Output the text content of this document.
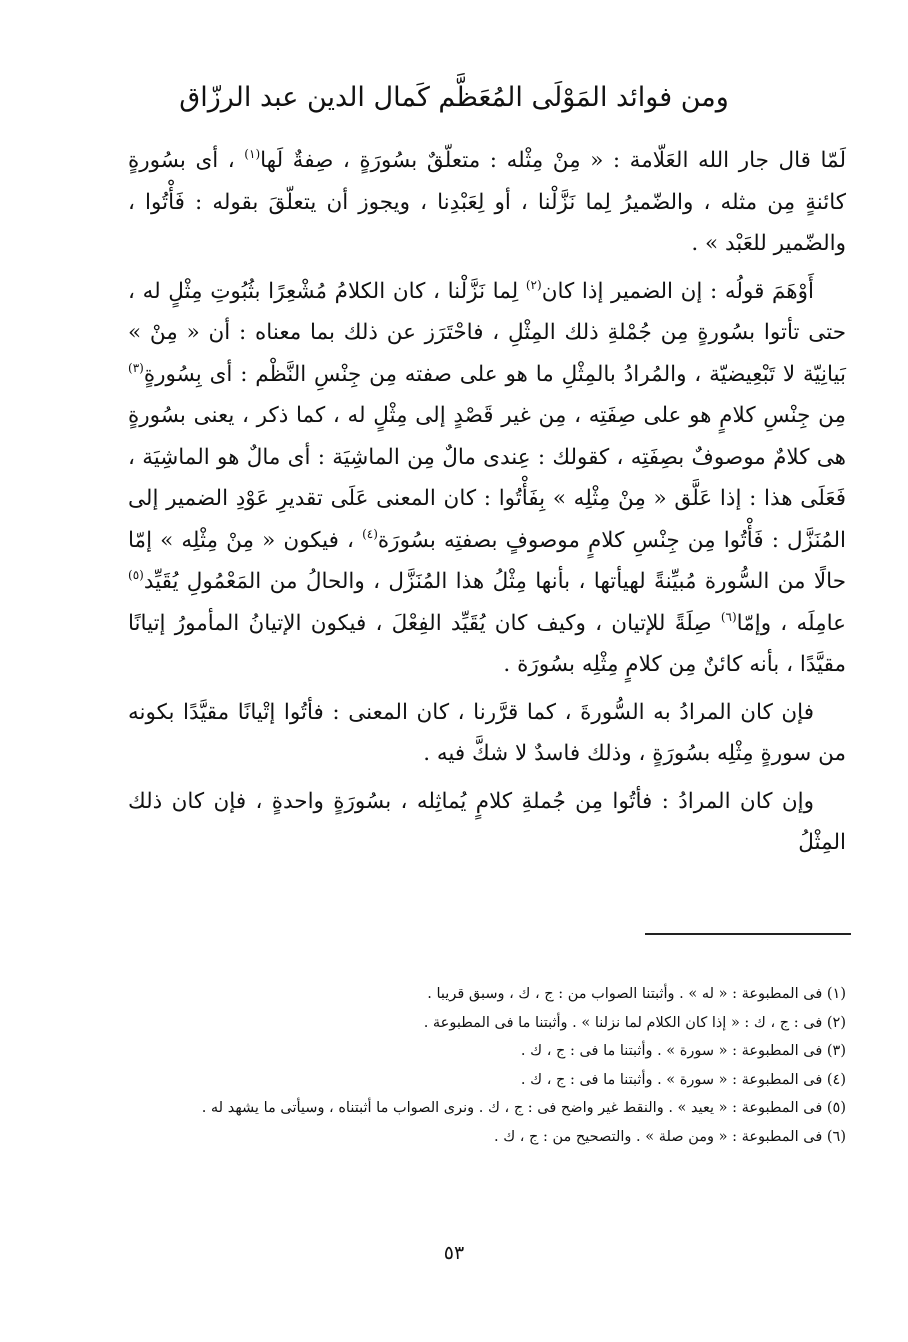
ومن فوائد المَوْلَى المُعَظَّم كَمال الدين عبد الرزّاق

لَمّا قال جار الله العَلّامة : « مِنْ مِثْله : متعلّقٌ بسُورَةٍ ، صِفةٌ لَها$^{(١)}$ ، أى بسُورةٍ كائنةٍ مِن مثله ، والضّميرُ لِما نَزَّلْنا ، أو لِعَبْدِنا ، ويجوز أن يتعلّقَ بقوله : فَأْتُوا ، والضّمير للعَبْد » .

أَوْهَمَ قولُه : إن الضمير إذا كان$^{(٢)}$ لِما نَزَّلْنا ، كان الكلامُ مُشْعِرًا بثُبُوتِ مِثْلٍ له ، حتى تأتوا بسُورةٍ مِن جُمْلةِ ذلك المِثْلِ ، فاحْتَرَز عن ذلك بما معناه : أن « مِنْ » بَيانِيّة لا تَبْعِيضيّة ، والمُرادُ بالمِثْلِ ما هو على صفته مِن جِنْسِ النَّظْم : أى بِسُورةٍ$^{(٣)}$ مِن جِنْسِ كلامٍ هو على صِفَتِه ، مِن غير قَصْدٍ إلى مِثْلٍ له ، كما ذكر ، يعنى بسُورةٍ هى كلامٌ موصوفٌ بصِفَتِه ، كقولك : عِندى مالٌ مِن الماشِيَة : أى مالٌ هو الماشِيَة ، فَعَلَى هذا : إذا عَلَّق « مِنْ مِثْلِه » بِفَأْتُوا : كان المعنى عَلَى تقديرِ عَوْدِ الضمير إلى المُنَزَّل : فَأْتُوا مِن جِنْسِ كلامٍ موصوفٍ بصفتِه بسُورَة$^{(٤)}$ ، فيكون « مِنْ مِثْلِه » إمّا حالًا من السُّورة مُبيِّنةً لهيأتها ، بأنها مِثْلُ هذا المُنَزَّل ، والحالُ من المَعْمُولِ يُقَيِّد$^{(٥)}$ عامِلَه ، وإمّا$^{(٦)}$ صِلَةً للإتيان ، وكيف كان يُقَيِّد الفِعْلَ ، فيكون الإتيانُ المأمورُ إتيانًا مقيَّدًا ، بأنه كائنٌ مِن كلامٍ مِثْلِه بسُورَة .

فإن كان المرادُ به السُّورةَ ، كما قرَّرنا ، كان المعنى : فأتُوا إتْيانًا مقيَّدًا بكونه من سورةٍ مِثْلِه بسُورَةٍ ، وذلك فاسدٌ لا شكَّ فيه .

وإن كان المرادُ : فأتُوا مِن جُملةِ كلامٍ يُماثِله ، بسُورَةٍ واحدةٍ ، فإن كان ذلك المِثْلُ

(١) فى المطبوعة : « له » . وأثبتنا الصواب من : ج ، ك ، وسبق قريبا .
(٢) فى : ج ، ك : « إذا كان الكلام لما نزلنا » . وأثبتنا ما فى المطبوعة .
(٣) فى المطبوعة : « سورة » . وأثبتنا ما فى : ج ، ك .
(٤) فى المطبوعة : « سورة » . وأثبتنا ما فى : ج ، ك .
(٥) فى المطبوعة : « يعيد » . والنقط غير واضح فى : ج ، ك . ونرى الصواب ما أثبتناه ، وسيأتى ما يشهد له .
(٦) فى المطبوعة : « ومن صلة » . والتصحيح من : ج ، ك .
٥٣
